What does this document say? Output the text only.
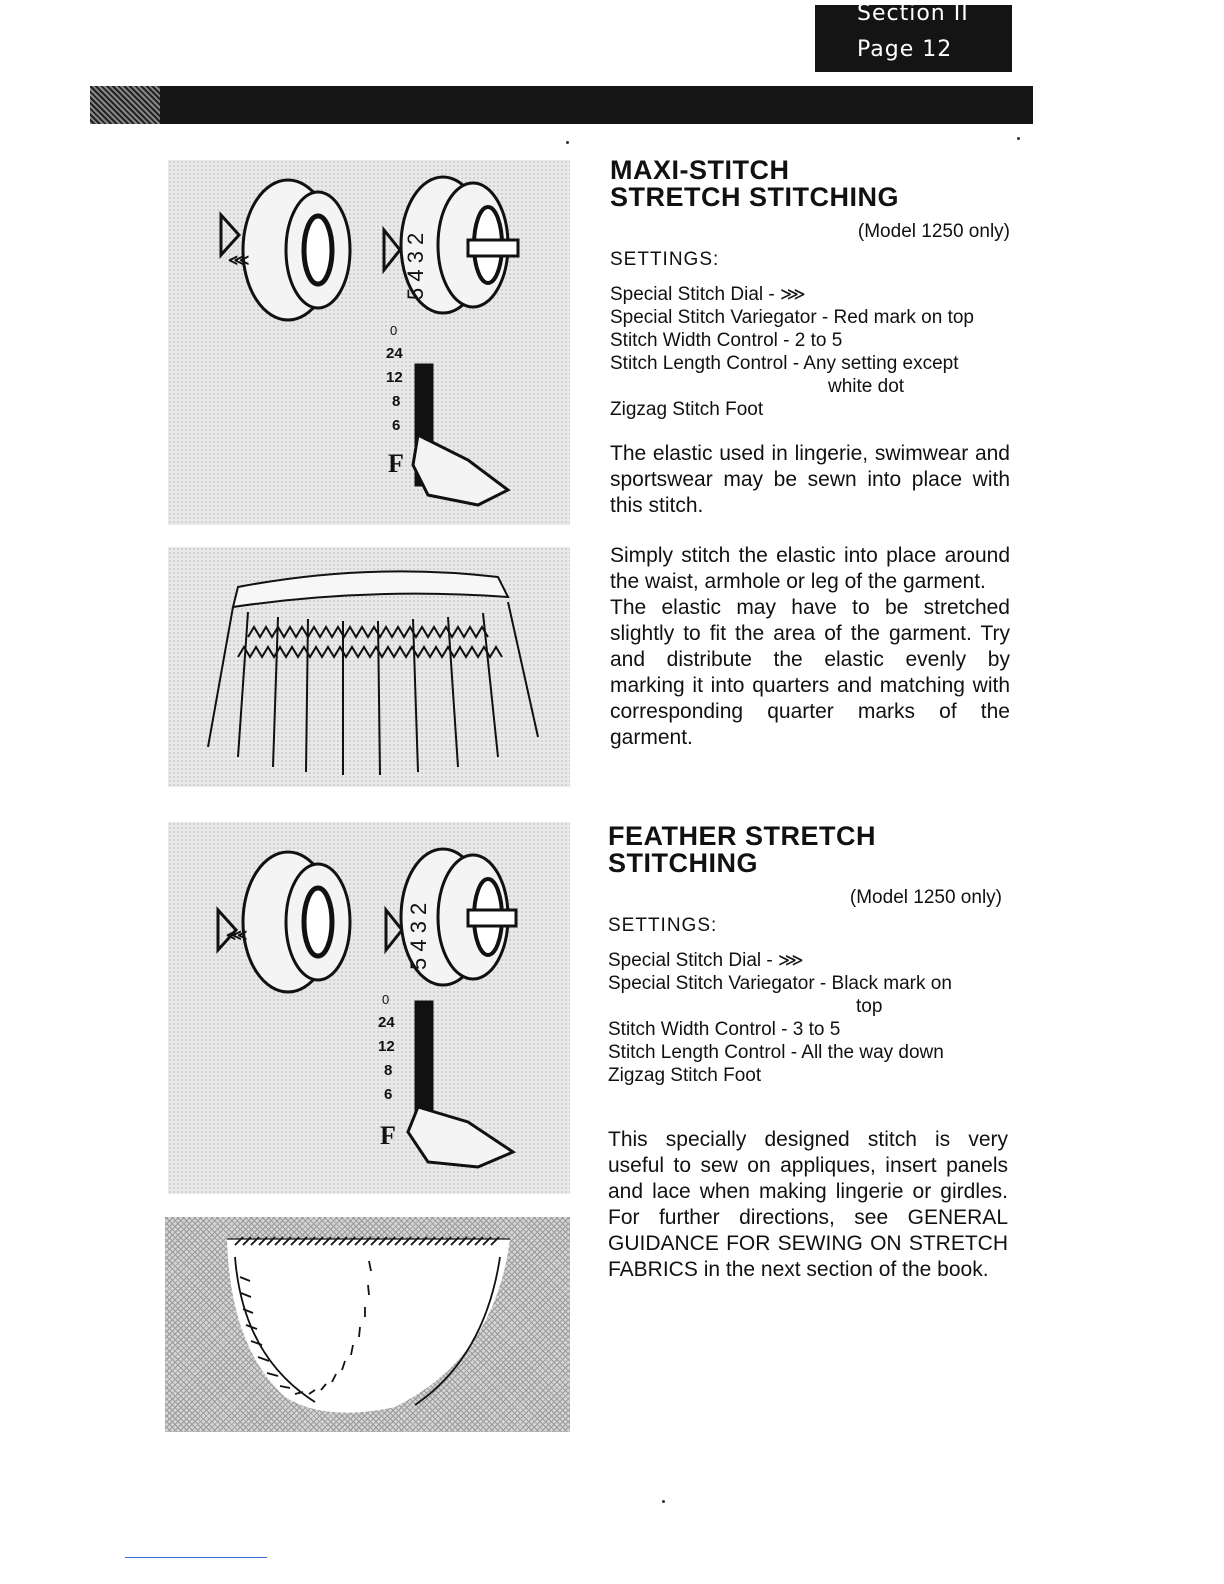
Section II
Page 12
⋘	5 4 3 2
0
24
12
8
6
F
⋘	5 4 3 2
0
24
12
8
6
F
MAXI-STITCH
STRETCH STITCHING
(Model 1250 only)
SETTINGS:
Special Stitch Dial - ⋙
Special Stitch Variegator - Red mark on top
Stitch Width Control - 2 to 5
Stitch Length Control - Any setting except
white dot
Zigzag Stitch Foot
The elastic used in lingerie, swimwear and sportswear may be sewn into place with this stitch.
Simply stitch the elastic into place around the waist, armhole or leg of the garment.
The elastic may have to be stretched slightly to fit the area of the garment. Try and distribute the elastic evenly by marking it into quarters and matching with corresponding quarter marks of the garment.
FEATHER STRETCH
STITCHING
(Model 1250 only)
SETTINGS:
Special Stitch Dial - ⋙
Special Stitch Variegator - Black mark on
top
Stitch Width Control - 3 to 5
Stitch Length Control - All the way down
Zigzag Stitch Foot
This specially designed stitch is very useful to sew on appliques, insert panels and lace when making lingerie or girdles. For further directions, see GENERAL GUIDANCE FOR SEWING ON STRETCH FABRICS in the next section of the book.
